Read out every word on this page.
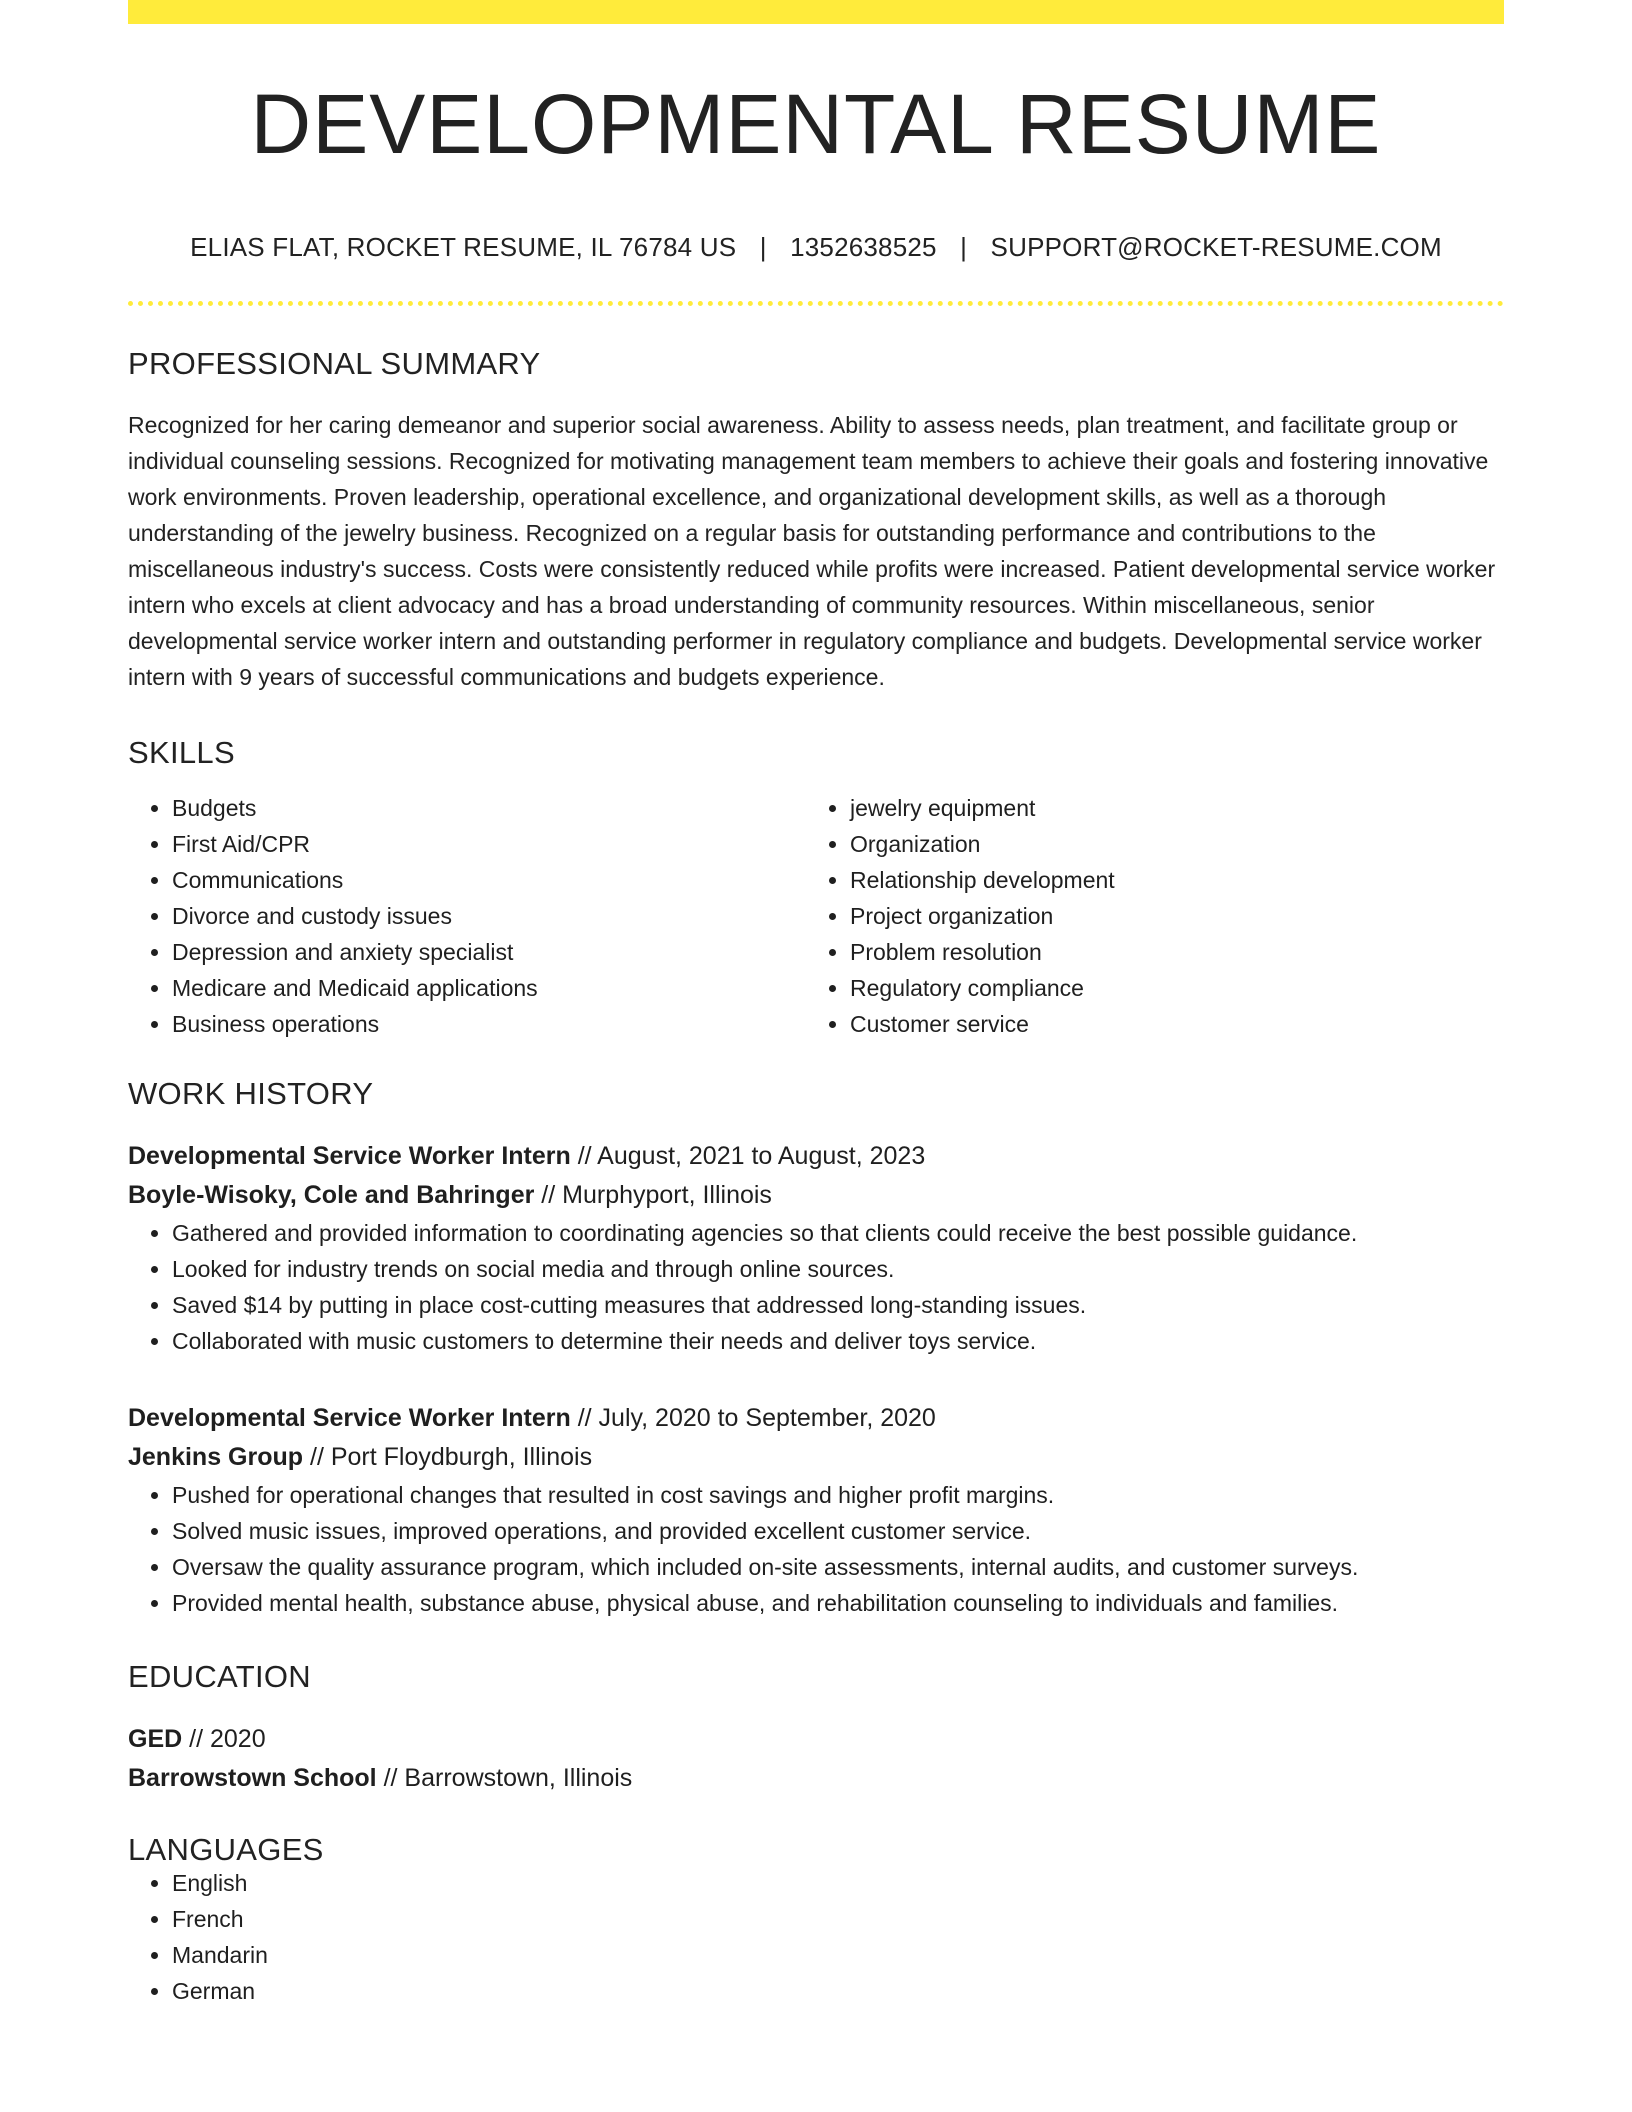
DEVELOPMENTAL RESUME
ELIAS FLAT, ROCKET RESUME, IL 76784 US | 1352638525 | SUPPORT@ROCKET-RESUME.COM
PROFESSIONAL SUMMARY

Recognized for her caring demeanor and superior social awareness. Ability to assess needs, plan treatment, and facilitate group or individual counseling sessions. Recognized for motivating management team members to achieve their goals and fostering innovative work environments. Proven leadership, operational excellence, and organizational development skills, as well as a thorough understanding of the jewelry business. Recognized on a regular basis for outstanding performance and contributions to the miscellaneous industry's success. Costs were consistently reduced while profits were increased. Patient developmental service worker intern who excels at client advocacy and has a broad understanding of community resources. Within miscellaneous, senior developmental service worker intern and outstanding performer in regulatory compliance and budgets. Developmental service worker intern with 9 years of successful communications and budgets experience.

SKILLS
• Budgets
• First Aid/CPR
• Communications
• Divorce and custody issues
• Depression and anxiety specialist
• Medicare and Medicaid applications
• Business operations
• jewelry equipment
• Organization
• Relationship development
• Project organization
• Problem resolution
• Regulatory compliance
• Customer service
WORK HISTORY
Developmental Service Worker Intern // August, 2021 to August, 2023
Boyle-Wisoky, Cole and Bahringer // Murphyport, Illinois
• Gathered and provided information to coordinating agencies so that clients could receive the best possible guidance.
• Looked for industry trends on social media and through online sources.
• Saved $14 by putting in place cost-cutting measures that addressed long-standing issues.
• Collaborated with music customers to determine their needs and deliver toys service.
Developmental Service Worker Intern // July, 2020 to September, 2020
Jenkins Group // Port Floydburgh, Illinois
• Pushed for operational changes that resulted in cost savings and higher profit margins.
• Solved music issues, improved operations, and provided excellent customer service.
• Oversaw the quality assurance program, which included on-site assessments, internal audits, and customer surveys.
• Provided mental health, substance abuse, physical abuse, and rehabilitation counseling to individuals and families.
EDUCATION
GED // 2020
Barrowstown School // Barrowstown, Illinois
LANGUAGES
• English
• French
• Mandarin
• German
